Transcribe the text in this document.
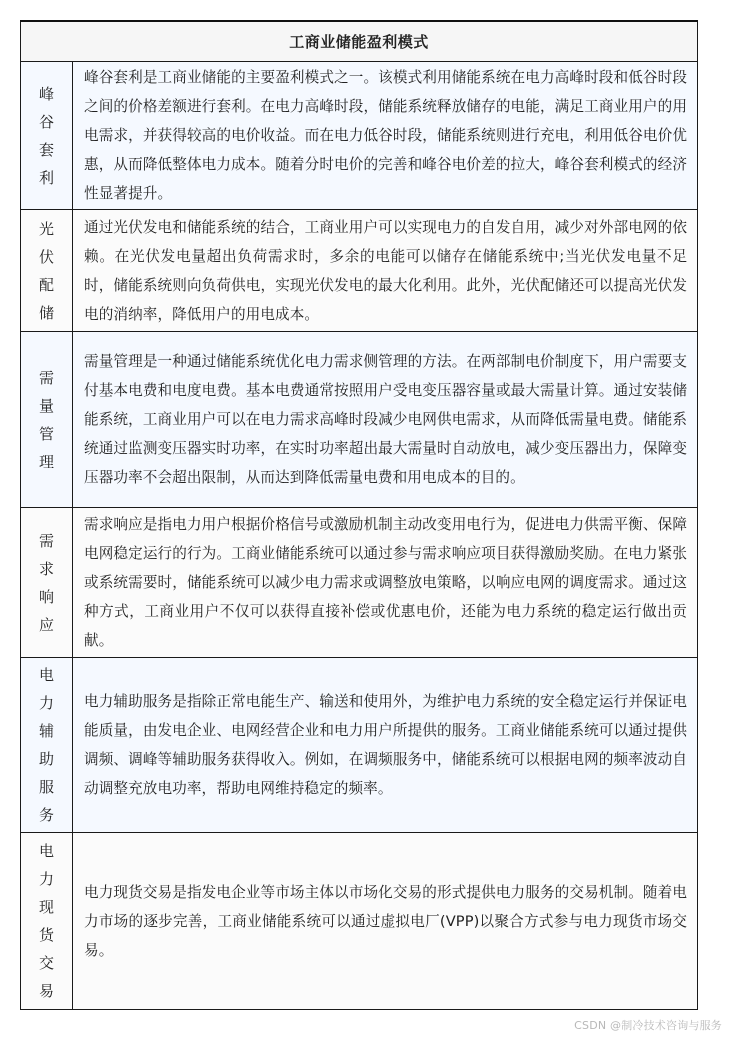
工商业储能盈利模式	

峰谷套利	峰谷套利是工商业储能的主要盈利模式之一。该模式利用储能系统在电力高峰时段和低谷时段之间的价格差额进行套利。在电力高峰时段，储能系统释放储存的电能，满足工商业用户的用电需求，并获得较高的电价收益。而在电力低谷时段，储能系统则进行充电，利用低谷电价优惠，从而降低整体电力成本。随着分时电价的完善和峰谷电价差的拉大，峰谷套利模式的经济性显著提升。

光伏配储	通过光伏发电和储能系统的结合，工商业用户可以实现电力的自发自用，减少对外部电网的依赖。在光伏发电量超出负荷需求时，多余的电能可以储存在储能系统中;当光伏发电量不足时，储能系统则向负荷供电，实现光伏发电的最大化利用。此外，光伏配储还可以提高光伏发电的消纳率，降低用户的用电成本。

需量管理	需量管理是一种通过储能系统优化电力需求侧管理的方法。在两部制电价制度下，用户需要支付基本电费和电度电费。基本电费通常按照用户受电变压器容量或最大需量计算。通过安装储能系统，工商业用户可以在电力需求高峰时段减少电网供电需求，从而降低需量电费。储能系统通过监测变压器实时功率，在实时功率超出最大需量时自动放电，减少变压器出力，保障变压器功率不会超出限制，从而达到降低需量电费和用电成本的目的。

需求响应	需求响应是指电力用户根据价格信号或激励机制主动改变用电行为，促进电力供需平衡、保障电网稳定运行的行为。工商业储能系统可以通过参与需求响应项目获得激励奖励。在电力紧张或系统需要时，储能系统可以减少电力需求或调整放电策略，以响应电网的调度需求。通过这种方式，工商业用户不仅可以获得直接补偿或优惠电价，还能为电力系统的稳定运行做出贡献。

电力辅助服务	电力辅助服务是指除正常电能生产、输送和使用外，为维护电力系统的安全稳定运行并保证电能质量，由发电企业、电网经营企业和电力用户所提供的服务。工商业储能系统可以通过提供调频、调峰等辅助服务获得收入。例如，在调频服务中，储能系统可以根据电网的频率波动自动调整充放电功率，帮助电网维持稳定的频率。

电力现货交易	电力现货交易是指发电企业等市场主体以市场化交易的形式提供电力服务的交易机制。随着电力市场的逐步完善，工商业储能系统可以通过虚拟电厂(VPP)以聚合方式参与电力现货市场交易。
CSDN @制冷技术咨询与服务
